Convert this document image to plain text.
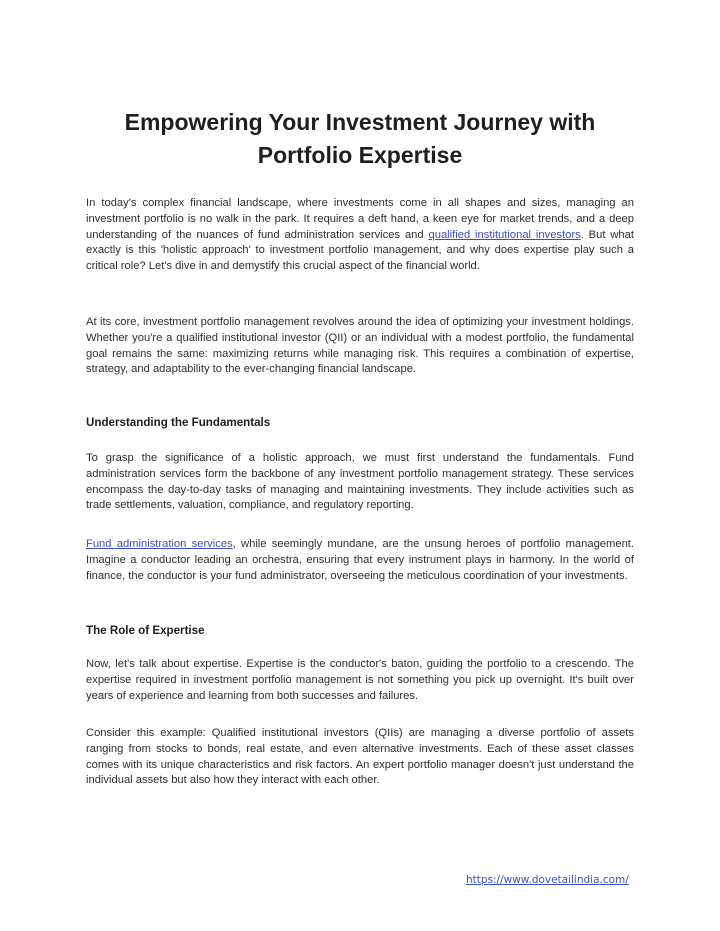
Empowering Your Investment Journey with
Portfolio Expertise

In today's complex financial landscape, where investments come in all shapes and sizes, managing an investment portfolio is no walk in the park. It requires a deft hand, a keen eye for market trends, and a deep understanding of the nuances of fund administration services and qualified institutional investors. But what exactly is this 'holistic approach' to investment portfolio management, and why does expertise play such a critical role? Let's dive in and demystify this crucial aspect of the financial world.

At its core, investment portfolio management revolves around the idea of optimizing your investment holdings. Whether you're a qualified institutional investor (QII) or an individual with a modest portfolio, the fundamental goal remains the same: maximizing returns while managing risk. This requires a combination of expertise, strategy, and adaptability to the ever-changing financial landscape.

Understanding the Fundamentals

To grasp the significance of a holistic approach, we must first understand the fundamentals. Fund administration services form the backbone of any investment portfolio management strategy. These services encompass the day-to-day tasks of managing and maintaining investments. They include activities such as trade settlements, valuation, compliance, and regulatory reporting.

Fund administration services, while seemingly mundane, are the unsung heroes of portfolio management. Imagine a conductor leading an orchestra, ensuring that every instrument plays in harmony. In the world of finance, the conductor is your fund administrator, overseeing the meticulous coordination of your investments.

The Role of Expertise

Now, let's talk about expertise. Expertise is the conductor's baton, guiding the portfolio to a crescendo. The expertise required in investment portfolio management is not something you pick up overnight. It's built over years of experience and learning from both successes and failures.

Consider this example: Qualified institutional investors (QIIs) are managing a diverse portfolio of assets ranging from stocks to bonds, real estate, and even alternative investments. Each of these asset classes comes with its unique characteristics and risk factors. An expert portfolio manager doesn't just understand the individual assets but also how they interact with each other.

https://www.dovetailindia.com/
